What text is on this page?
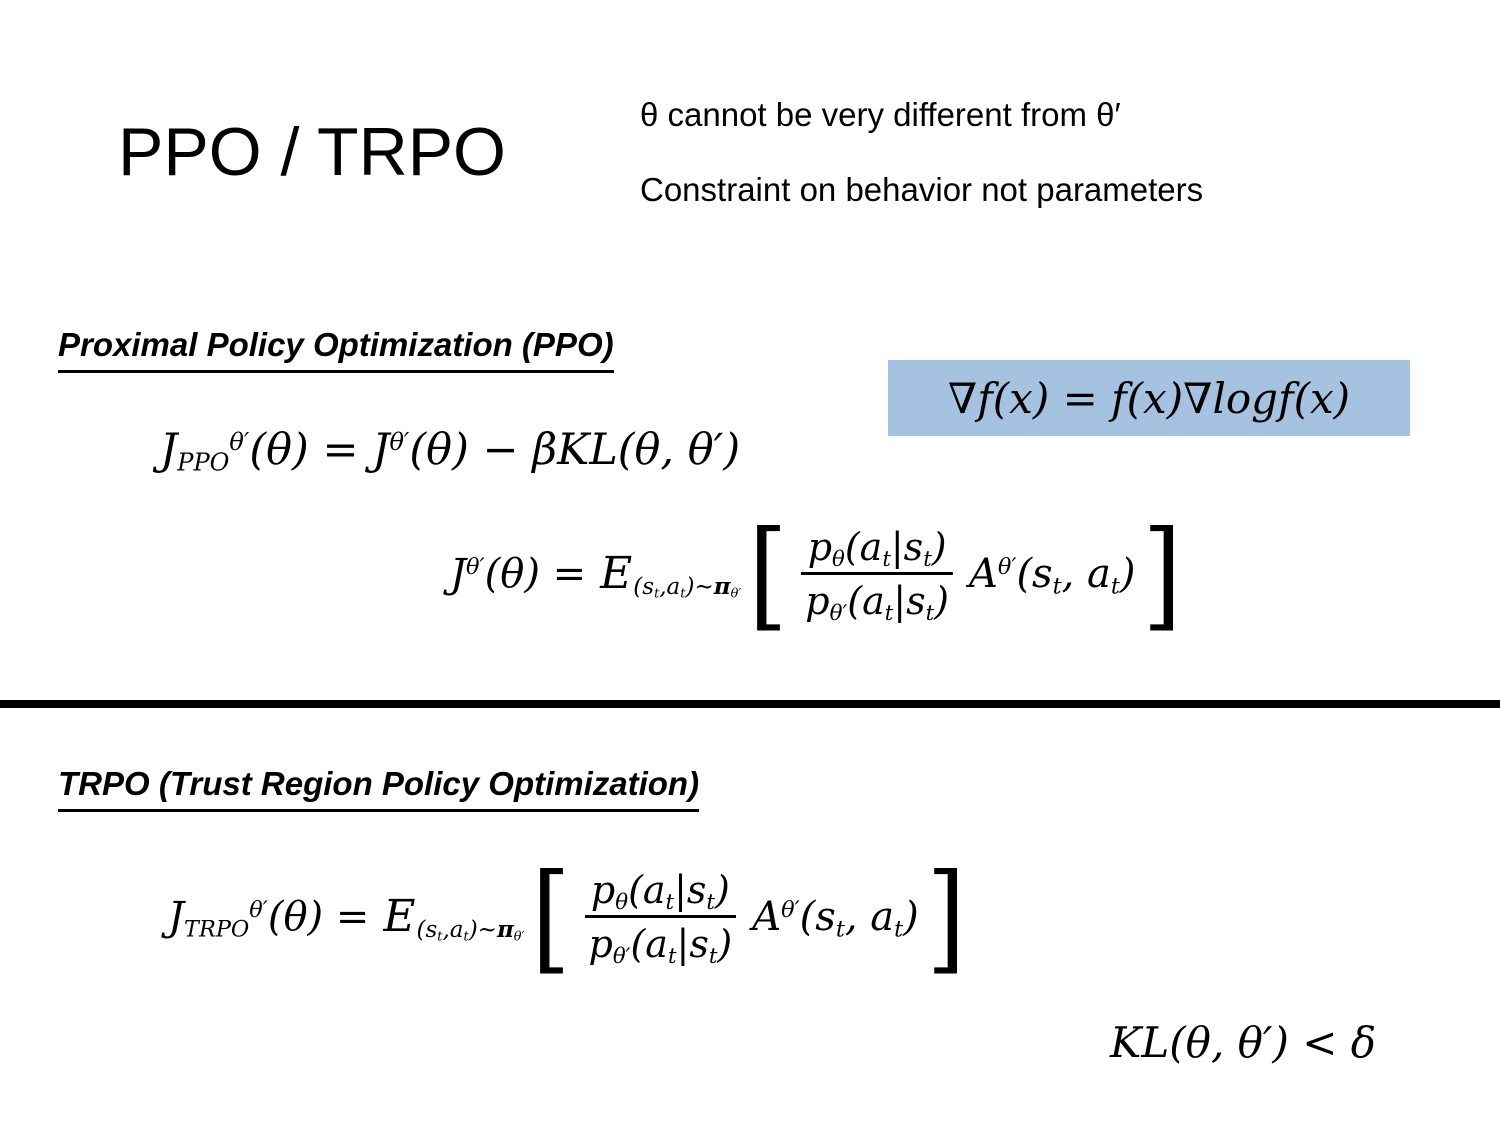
PPO / TRPO	θ cannot be very different from θ′
Constraint on behavior not parameters
Proximal Policy Optimization (PPO)
$J_{PPO}^{\theta'}(\theta) = J^{\theta'}(\theta) - \beta KL(\theta$, θ′)
∇f(x) = f(x)∇logf(x)
$J^{\theta'}(\theta)$ = $E(s_t,a_t)\sim\pi_{\theta'}$ [ $\frac{p_\theta(a_t|s_t)}{p_{\theta'}(a_t|s_t)} A^{\theta'}(s_t$, $a_t$) ]
TRPO (Trust Region Policy Optimization)
$J_{TRPO}^{\theta'}(\theta)$ = $E(s_t,a_t)\sim\pi_{\theta'}$ [ $\frac{p_\theta(a_t|s_t)}{p_{\theta'}(a_t|s_t)} A^{\theta'}(s_t$, $a_t$) ]
KL(θ, θ′) < δ
